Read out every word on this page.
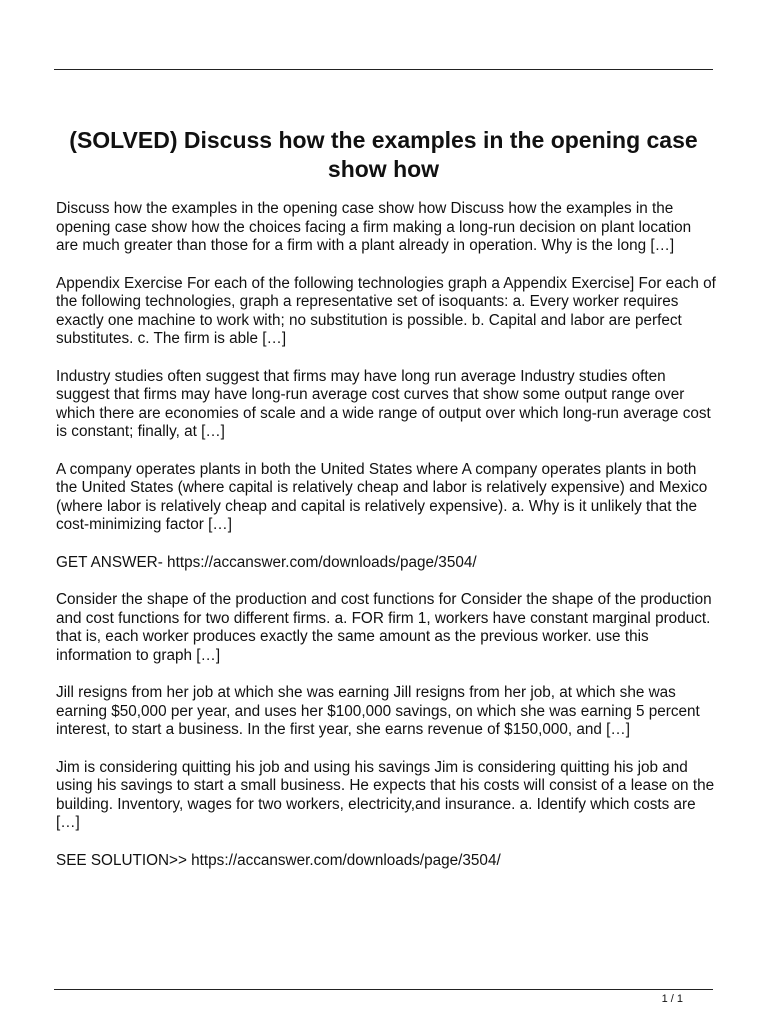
(SOLVED) Discuss how the examples in the opening case show how

Discuss how the examples in the opening case show how Discuss how the examples in the opening case show how the choices facing a firm making a long-run decision on plant location are much greater than those for a firm with a plant already in operation. Why is the long […]

Appendix Exercise For each of the following technologies graph a Appendix Exercise] For each of the following technologies, graph a representative set of isoquants: a. Every worker requires exactly one machine to work with; no substitution is possible. b. Capital and labor are perfect substitutes. c. The firm is able […]

Industry studies often suggest that firms may have long run average Industry studies often suggest that firms may have long-run average cost curves that show some output range over which there are economies of scale and a wide range of output over which long-run average cost is constant; finally, at […]

A company operates plants in both the United States where A company operates plants in both the United States (where capital is relatively cheap and labor is relatively expensive) and Mexico (where labor is relatively cheap and capital is relatively expensive). a. Why is it unlikely that the cost-minimizing factor […]

GET ANSWER- https://accanswer.com/downloads/page/3504/

Consider the shape of the production and cost functions for Consider the shape of the production and cost functions for two different firms. a. FOR firm 1, workers have constant marginal product. that is, each worker produces exactly the same amount as the previous worker. use this information to graph […]

Jill resigns from her job at which she was earning Jill resigns from her job, at which she was earning $50,000 per year, and uses her $100,000 savings, on which she was earning 5 percent interest, to start a business. In the first year, she earns revenue of $150,000, and […]

Jim is considering quitting his job and using his savings Jim is considering quitting his job and using his savings to start a small business. He expects that his costs will consist of a lease on the building. Inventory, wages for two workers, electricity,and insurance. a. Identify which costs are […]

SEE SOLUTION>> https://accanswer.com/downloads/page/3504/

1 / 1
